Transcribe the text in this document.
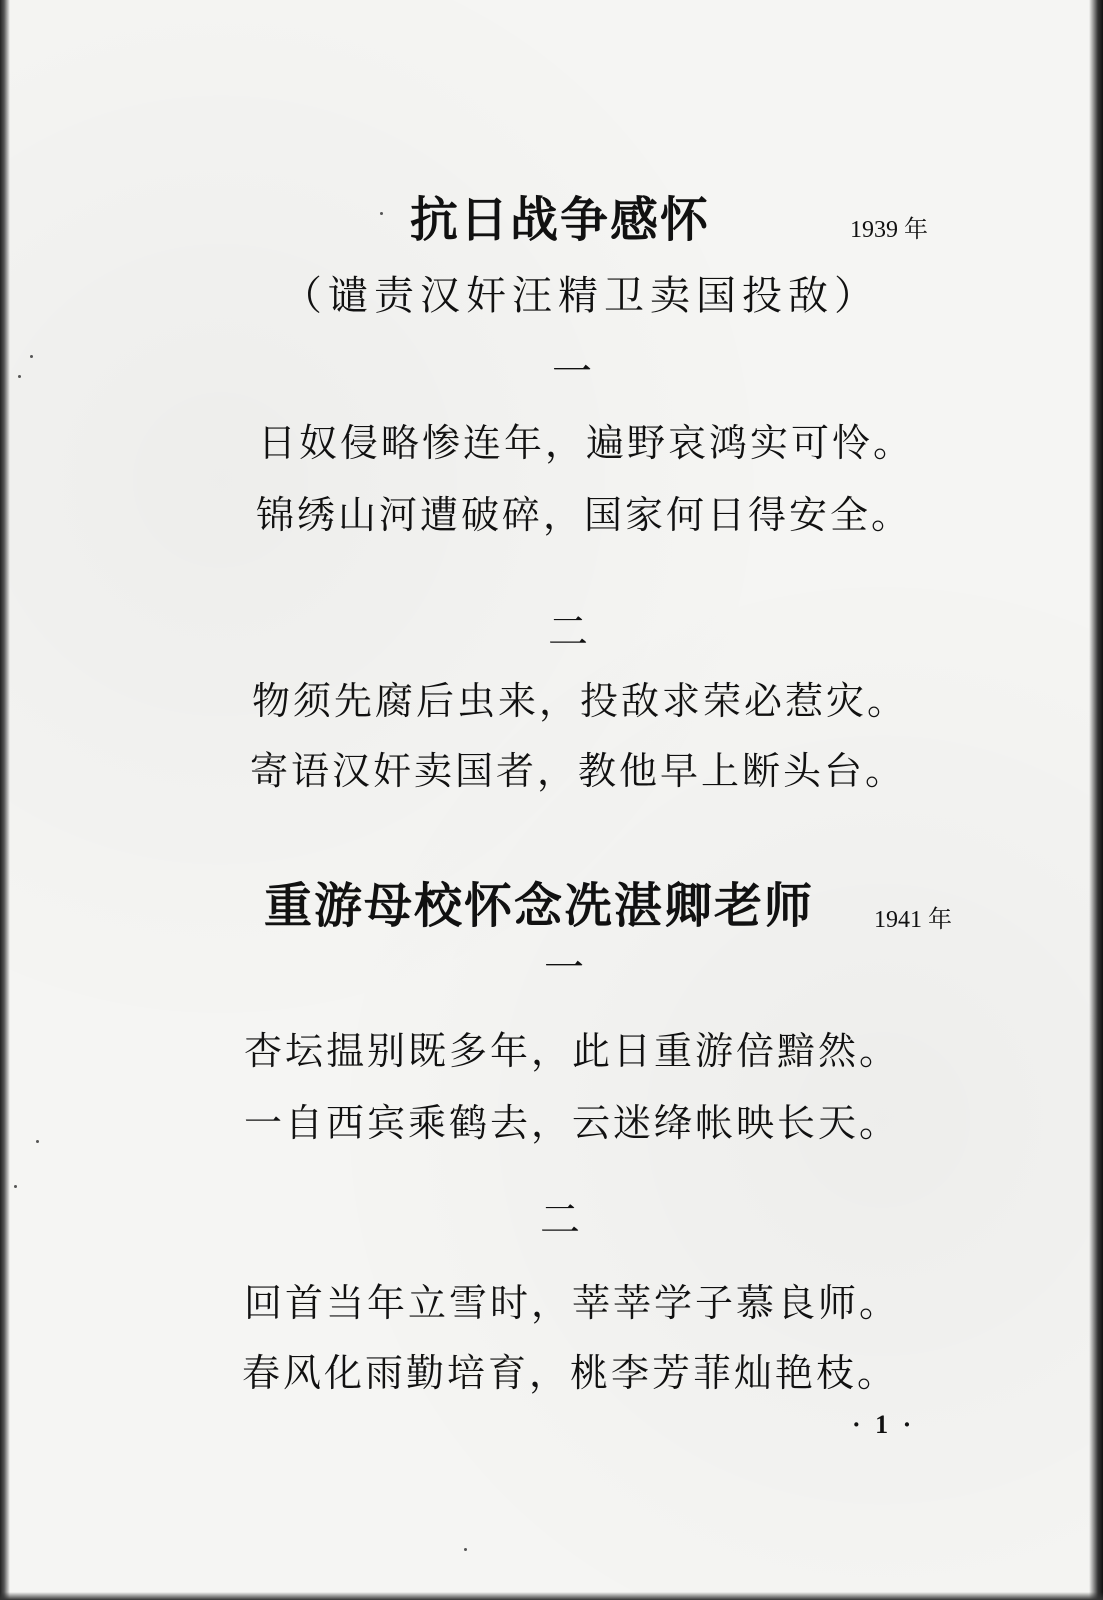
抗日战争感怀	1939 年
（谴责汉奸汪精卫卖国投敌）
一
日奴侵略惨连年，遍野哀鸿实可怜。
锦绣山河遭破碎，国家何日得安全。
二
物须先腐后虫来，投敌求荣必惹灾。
寄语汉奸卖国者，教他早上断头台。
重游母校怀念冼湛卿老师 1941 年
一
杏坛揾别既多年，此日重游倍黯然。
一自西宾乘鹤去，云迷绛帐映长天。
二
回首当年立雪时，莘莘学子慕良师。
春风化雨勤培育，桃李芳菲灿艳枝。
· 1 ·
